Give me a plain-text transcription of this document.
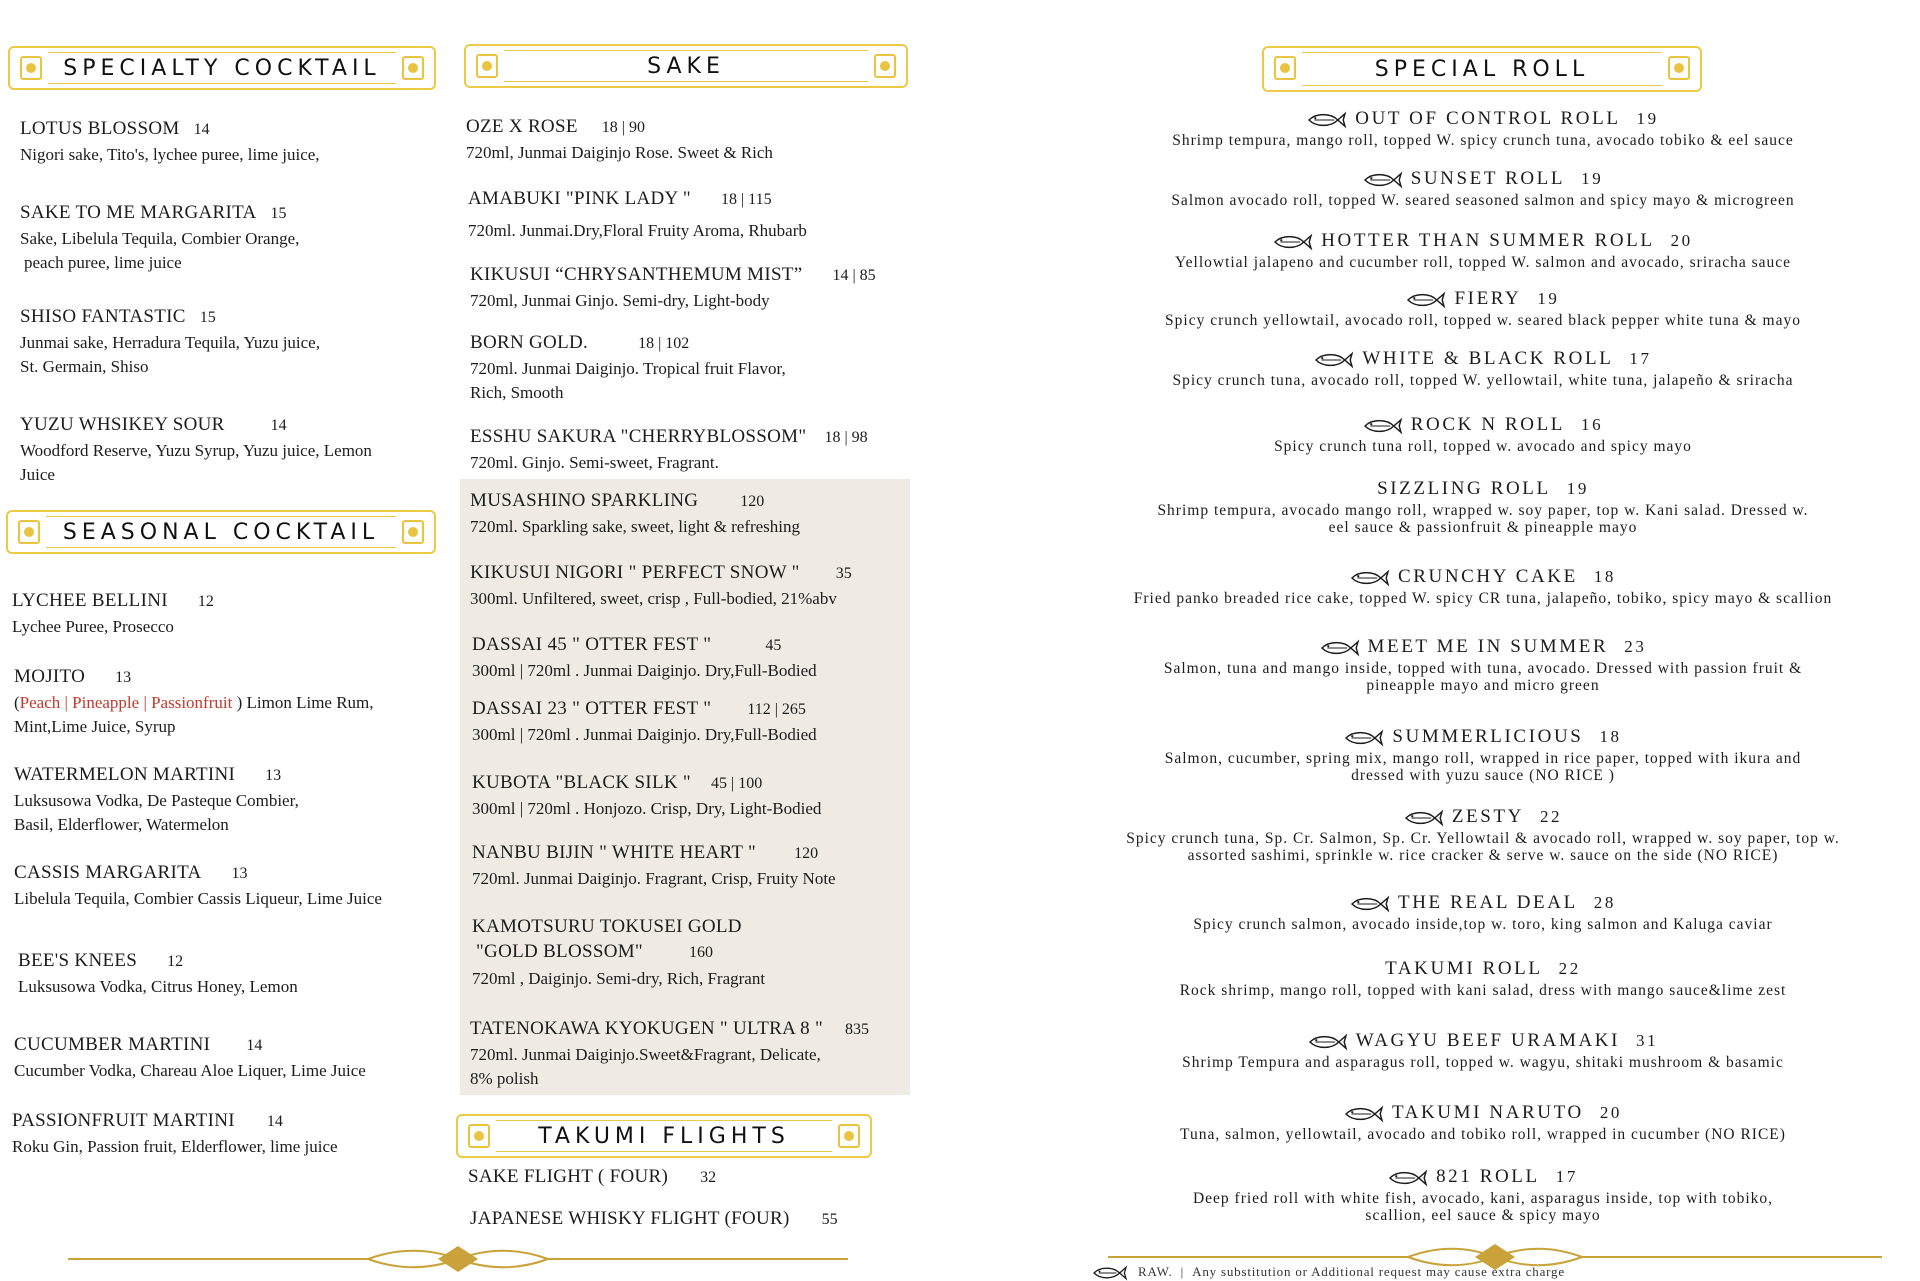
SPECIALTY COCKTAIL
LOTUS BLOSSOM 14
Nigori sake, Tito's, lychee puree, lime juice,
SAKE TO ME MARGARITA 15
Sake, Libelula Tequila, Combier Orange,
peach puree, lime juice
SHISO FANTASTIC 15
Junmai sake, Herradura Tequila, Yuzu juice,
St. Germain, Shiso
YUZU WHSIKEY SOUR	14
Woodford Reserve, Yuzu Syrup, Yuzu juice, Lemon
Juice
SEASONAL COCKTAIL
LYCHEE BELLINI 12
Lychee Puree, Prosecco
MOJITO 13
(Peach | Pineapple | Passionfruit ) Limon Lime Rum,
Mint,Lime Juice, Syrup
WATERMELON MARTINI 13
Luksusowa Vodka, De Pasteque Combier,
Basil, Elderflower, Watermelon
CASSIS MARGARITA 13
Libelula Tequila, Combier Cassis Liqueur, Lime Juice
BEE'S KNEES 12
Luksusowa Vodka, Citrus Honey, Lemon
CUCUMBER MARTINI 14
Cucumber Vodka, Chareau Aloe Liquer, Lime Juice
PASSIONFRUIT MARTINI 14
Roku Gin, Passion fruit, Elderflower, lime juice
SAKE
OZE X ROSE 18 | 90
720ml, Junmai Daiginjo Rose. Sweet & Rich
AMABUKI "PINK LADY " 18 | 115
720ml. Junmai.Dry,Floral Fruity Aroma, Rhubarb
KIKUSUI “CHRYSANTHEMUM MIST” 14 | 85
720ml, Junmai Ginjo. Semi-dry, Light-body
BORN GOLD.	18 | 102
720ml. Junmai Daiginjo. Tropical fruit Flavor,
Rich, Smooth
ESSHU SAKURA "CHERRYBLOSSOM" 18 | 98
720ml. Ginjo. Semi-sweet, Fragrant.
MUSASHINO SPARKLING	120
720ml. Sparkling sake, sweet, light & refreshing
KIKUSUI NIGORI " PERFECT SNOW " 35
300ml. Unfiltered, sweet, crisp , Full-bodied, 21%abv
DASSAI 45 " OTTER FEST "	45
300ml | 720ml . Junmai Daiginjo. Dry,Full-Bodied
DASSAI 23 " OTTER FEST " 112 | 265
300ml | 720ml . Junmai Daiginjo. Dry,Full-Bodied
KUBOTA "BLACK SILK " 45 | 100
300ml | 720ml . Honjozo. Crisp, Dry, Light-Bodied
NANBU BIJIN " WHITE HEART " 120
720ml. Junmai Daiginjo. Fragrant, Crisp, Fruity Note
KAMOTSURU TOKUSEI GOLD
"GOLD BLOSSOM"	160
720ml , Daiginjo. Semi-dry, Rich, Fragrant
TATENOKAWA KYOKUGEN " ULTRA 8 " 835
720ml. Junmai Daiginjo.Sweet&Fragrant, Delicate,
8% polish
TAKUMI FLIGHTS
SAKE FLIGHT ( FOUR) 32
JAPANESE WHISKY FLIGHT (FOUR) 55
SPECIAL ROLL
OUT OF CONTROL ROLL 19
Shrimp tempura, mango roll, topped W. spicy crunch tuna, avocado tobiko & eel sauce
SUNSET ROLL 19
Salmon avocado roll, topped W. seared seasoned salmon and spicy mayo & microgreen
HOTTER THAN SUMMER ROLL 20
Yellowtial jalapeno and cucumber roll, topped W. salmon and avocado, sriracha sauce
FIERY 19
Spicy crunch yellowtail, avocado roll, topped w. seared black pepper white tuna & mayo
WHITE & BLACK ROLL 17
Spicy crunch tuna, avocado roll, topped W. yellowtail, white tuna, jalapeño & sriracha
ROCK N ROLL 16
Spicy crunch tuna roll, topped w. avocado and spicy mayo
SIZZLING ROLL 19
Shrimp tempura, avocado mango roll, wrapped w. soy paper, top w. Kani salad. Dressed w.
eel sauce & passionfruit & pineapple mayo
CRUNCHY CAKE 18
Fried panko breaded rice cake, topped W. spicy CR tuna, jalapeño, tobiko, spicy mayo & scallion
MEET ME IN SUMMER 23
Salmon, tuna and mango inside, topped with tuna, avocado. Dressed with passion fruit &
pineapple mayo and micro green
SUMMERLICIOUS 18
Salmon, cucumber, spring mix, mango roll, wrapped in rice paper, topped with ikura and
dressed with yuzu sauce (NO RICE )
ZESTY 22
Spicy crunch tuna, Sp. Cr. Salmon, Sp. Cr. Yellowtail & avocado roll, wrapped w. soy paper, top w.
assorted sashimi, sprinkle w. rice cracker & serve w. sauce on the side (NO RICE)
THE REAL DEAL 28
Spicy crunch salmon, avocado inside,top w. toro, king salmon and Kaluga caviar
TAKUMI ROLL 22
Rock shrimp, mango roll, topped with kani salad, dress with mango sauce&lime zest
WAGYU BEEF URAMAKI 31
Shrimp Tempura and asparagus roll, topped w. wagyu, shitaki mushroom & basamic
TAKUMI NARUTO 20
Tuna, salmon, yellowtail, avocado and tobiko roll, wrapped in cucumber (NO RICE)
821 ROLL 17
Deep fried roll with white fish, avocado, kani, asparagus inside, top with tobiko,
scallion, eel sauce & spicy mayo
RAW. | Any substitution or Additional request may cause extra charge
